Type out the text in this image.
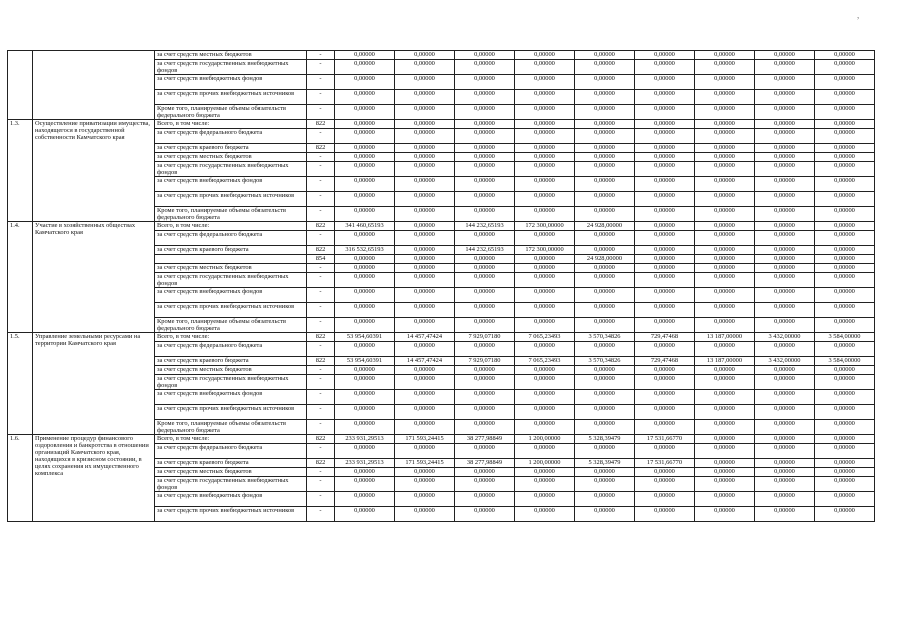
,
		за счет средств местных бюджетов	-	0,00000	0,00000	0,00000	0,00000	0,00000	0,00000	0,00000	0,00000	0,00000
		за счет средств государственных внебюджетных фондов	-	0,00000	0,00000	0,00000	0,00000	0,00000	0,00000	0,00000	0,00000	0,00000
		за счет средств внебюджетных фондов	-	0,00000	0,00000	0,00000	0,00000	0,00000	0,00000	0,00000	0,00000	0,00000
		за счет средств прочих внебюджетных источников	-	0,00000	0,00000	0,00000	0,00000	0,00000	0,00000	0,00000	0,00000	0,00000
		Кроме того, планируемые объемы обязательств федерального бюджета	-	0,00000	0,00000	0,00000	0,00000	0,00000	0,00000	0,00000	0,00000	0,00000
1.3.	Осуществление приватизации имущества, находящегося в государственной собственности Камчатского края	Всего, в том числе:	822	0,00000	0,00000	0,00000	0,00000	0,00000	0,00000	0,00000	0,00000	0,00000
		за счет средств федерального бюджета	-	0,00000	0,00000	0,00000	0,00000	0,00000	0,00000	0,00000	0,00000	0,00000
		за счет средств краевого бюджета	822	0,00000	0,00000	0,00000	0,00000	0,00000	0,00000	0,00000	0,00000	0,00000
		за счет средств местных бюджетов	-	0,00000	0,00000	0,00000	0,00000	0,00000	0,00000	0,00000	0,00000	0,00000
		за счет средств государственных внебюджетных фондов	-	0,00000	0,00000	0,00000	0,00000	0,00000	0,00000	0,00000	0,00000	0,00000
		за счет средств внебюджетных фондов	-	0,00000	0,00000	0,00000	0,00000	0,00000	0,00000	0,00000	0,00000	0,00000
		за счет средств прочих внебюджетных источников	-	0,00000	0,00000	0,00000	0,00000	0,00000	0,00000	0,00000	0,00000	0,00000
		Кроме того, планируемые объемы обязательств федерального бюджета	-	0,00000	0,00000	0,00000	0,00000	0,00000	0,00000	0,00000	0,00000	0,00000
1.4.	Участие в хозяйственных обществах Камчатского края	Всего, в том числе:	822	341 460,65193	0,00000	144 232,65193	172 300,00000	24 928,00000	0,00000	0,00000	0,00000	0,00000
		за счет средств федерального бюджета	-	0,00000	0,00000	0,00000	0,00000	0,00000	0,00000	0,00000	0,00000	0,00000
		за счет средств краевого бюджета	822	316 532,65193	0,00000	144 232,65193	172 300,00000	0,00000	0,00000	0,00000	0,00000	0,00000
			854	0,00000	0,00000	0,00000	0,00000	24 928,00000	0,00000	0,00000	0,00000	0,00000
		за счет средств местных бюджетов	-	0,00000	0,00000	0,00000	0,00000	0,00000	0,00000	0,00000	0,00000	0,00000
		за счет средств государственных внебюджетных фондов	-	0,00000	0,00000	0,00000	0,00000	0,00000	0,00000	0,00000	0,00000	0,00000
		за счет средств внебюджетных фондов	-	0,00000	0,00000	0,00000	0,00000	0,00000	0,00000	0,00000	0,00000	0,00000
		за счет средств прочих внебюджетных источников	-	0,00000	0,00000	0,00000	0,00000	0,00000	0,00000	0,00000	0,00000	0,00000
		Кроме того, планируемые объемы обязательств федерального бюджета	-	0,00000	0,00000	0,00000	0,00000	0,00000	0,00000	0,00000	0,00000	0,00000
1.5.	Управление земельными ресурсами на территории Камчатского края	Всего, в том числе:	822	53 954,60391	14 457,47424	7 929,07180	7 065,23493	3 570,34826	729,47468	13 187,00000	3 432,00000	3 584,00000
		за счет средств федерального бюджета	-	0,00000	0,00000	0,00000	0,00000	0,00000	0,00000	0,00000	0,00000	0,00000
		за счет средств краевого бюджета	822	53 954,60391	14 457,47424	7 929,07180	7 065,23493	3 570,34826	729,47468	13 187,00000	3 432,00000	3 584,00000
		за счет средств местных бюджетов	-	0,00000	0,00000	0,00000	0,00000	0,00000	0,00000	0,00000	0,00000	0,00000
		за счет средств государственных внебюджетных фондов	-	0,00000	0,00000	0,00000	0,00000	0,00000	0,00000	0,00000	0,00000	0,00000
		за счет средств внебюджетных фондов	-	0,00000	0,00000	0,00000	0,00000	0,00000	0,00000	0,00000	0,00000	0,00000
		за счет средств прочих внебюджетных источников	-	0,00000	0,00000	0,00000	0,00000	0,00000	0,00000	0,00000	0,00000	0,00000
		Кроме того, планируемые объемы обязательств федерального бюджета	-	0,00000	0,00000	0,00000	0,00000	0,00000	0,00000	0,00000	0,00000	0,00000
1.6.	Применение процедур финансового оздоровления и банкротства в отношении организаций Камчатского края, находящихся в кризисном состоянии, в целях сохранения их имущественного комплекса	Всего, в том числе:	822	233 931,29513	171 593,24415	38 277,98849	1 200,00000	5 328,39479	17 531,66770	0,00000	0,00000	0,00000
		за счет средств федерального бюджета	-	0,00000	0,00000	0,00000	0,00000	0,00000	0,00000	0,00000	0,00000	0,00000
		за счет средств краевого бюджета	822	233 931,29513	171 593,24415	38 277,98849	1 200,00000	5 328,39479	17 531,66770	0,00000	0,00000	0,00000
		за счет средств местных бюджетов	-	0,00000	0,00000	0,00000	0,00000	0,00000	0,00000	0,00000	0,00000	0,00000
		за счет средств государственных внебюджетных фондов	-	0,00000	0,00000	0,00000	0,00000	0,00000	0,00000	0,00000	0,00000	0,00000
		за счет средств внебюджетных фондов	-	0,00000	0,00000	0,00000	0,00000	0,00000	0,00000	0,00000	0,00000	0,00000
		за счет средств прочих внебюджетных источников	-	0,00000	0,00000	0,00000	0,00000	0,00000	0,00000	0,00000	0,00000	0,00000
